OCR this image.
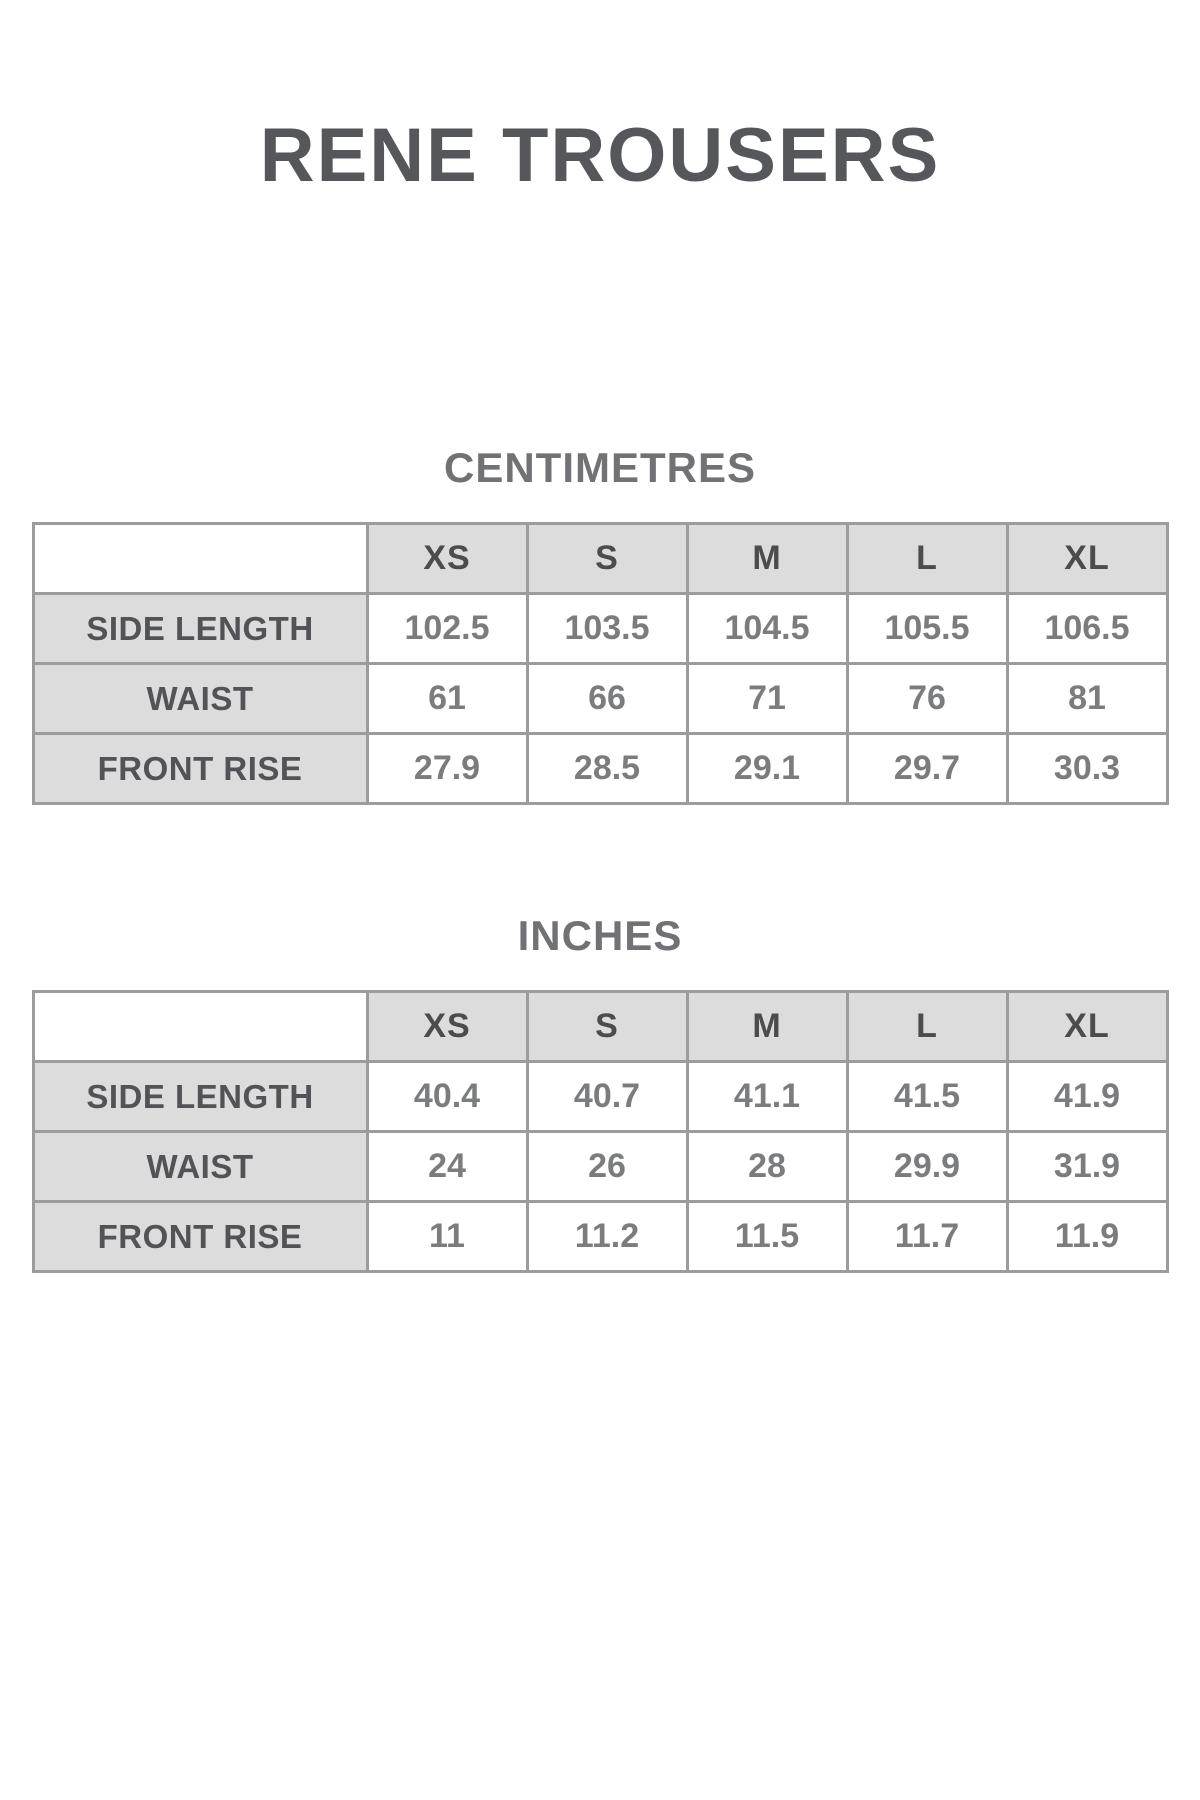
RENE TROUSERS
CENTIMETRES
	XS	S	M	L	XL
SIDE LENGTH	102.5	103.5	104.5	105.5	106.5
WAIST	61	66	71	76	81
FRONT RISE	27.9	28.5	29.1	29.7	30.3
INCHES
	XS	S	M	L	XL
SIDE LENGTH	40.4	40.7	41.1	41.5	41.9
WAIST	24	26	28	29.9	31.9
FRONT RISE	11	11.2	11.5	11.7	11.9
